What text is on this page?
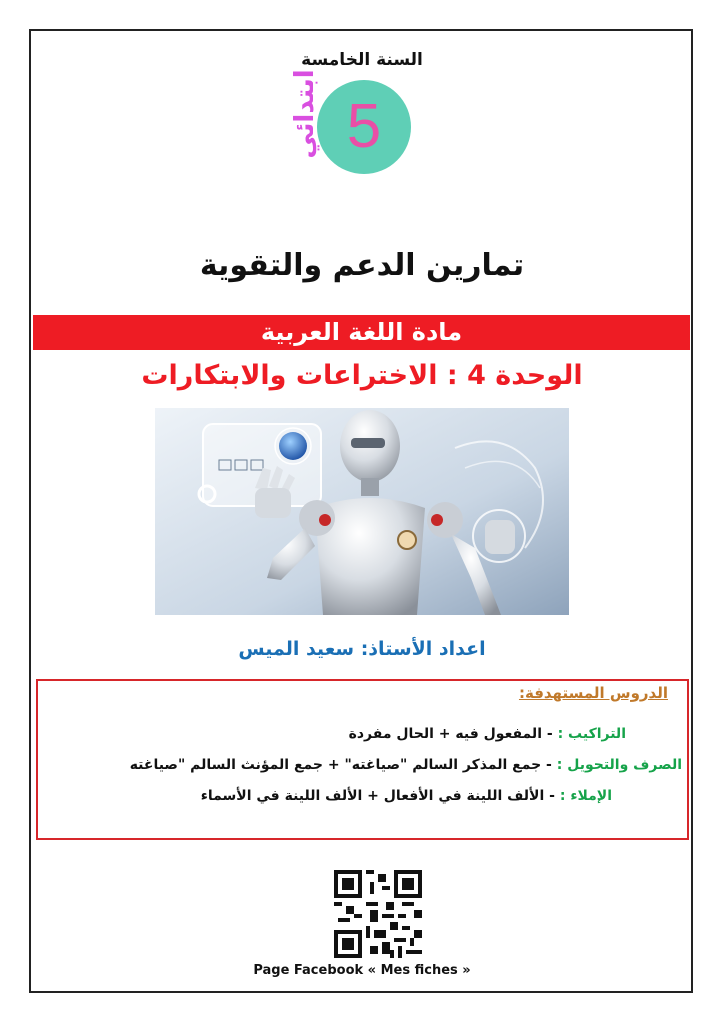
السنة الخامسة
5
ابتدائي
تمارين الدعم والتقوية
مادة اللغة العربية
الوحدة 4 : الاختراعات والابتكارات
اعداد الأستاذ: سعيد الميس
الدروس المستهدفة:
التراكيب : - المفعول فيه + الحال مفردة
الصرف والتحويل : - جمع المذكر السالم "صياغته" + جمع المؤنث السالم "صياغته
الإملاء : - الألف اللينة في الأفعال + الألف اللينة في الأسماء
Page Facebook « Mes fiches »
